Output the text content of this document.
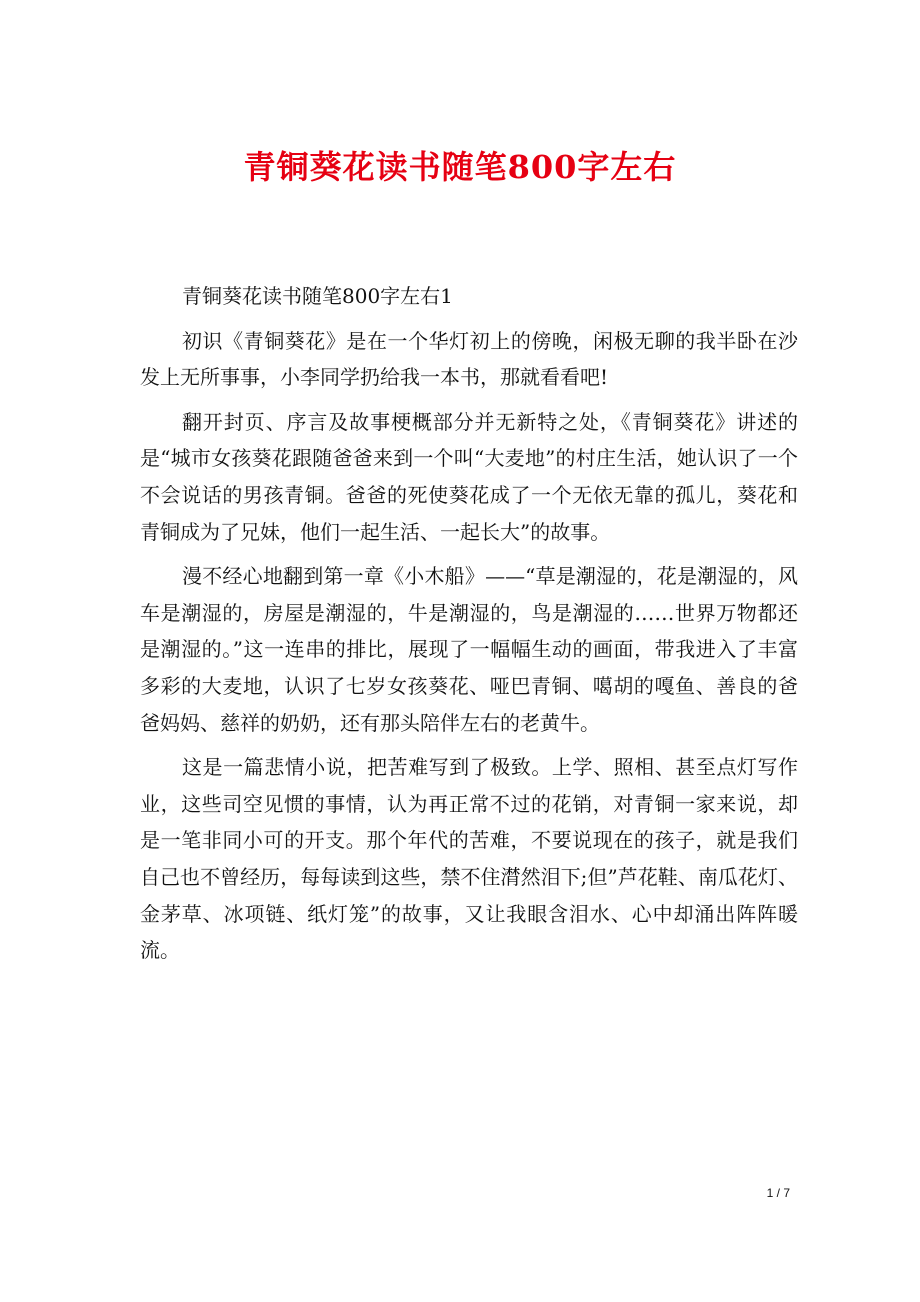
青铜葵花读书随笔800字左右

青铜葵花读书随笔800字左右1

初识《青铜葵花》是在一个华灯初上的傍晚，闲极无聊的我半卧在沙发上无所事事，小李同学扔给我一本书，那就看看吧!

翻开封页、序言及故事梗概部分并无新特之处，《青铜葵花》讲述的是“城市女孩葵花跟随爸爸来到一个叫“大麦地”的村庄生活，她认识了一个不会说话的男孩青铜。爸爸的死使葵花成了一个无依无靠的孤儿，葵花和青铜成为了兄妹，他们一起生活、一起长大”的故事。

漫不经心地翻到第一章《小木船》——“草是潮湿的，花是潮湿的，风车是潮湿的，房屋是潮湿的，牛是潮湿的，鸟是潮湿的……世界万物都还是潮湿的。”这一连串的排比，展现了一幅幅生动的画面，带我进入了丰富多彩的大麦地，认识了七岁女孩葵花、哑巴青铜、噶胡的嘎鱼、善良的爸爸妈妈、慈祥的奶奶，还有那头陪伴左右的老黄牛。

这是一篇悲情小说，把苦难写到了极致。上学、照相、甚至点灯写作业，这些司空见惯的事情，认为再正常不过的花销，对青铜一家来说，却是一笔非同小可的开支。那个年代的苦难，不要说现在的孩子，就是我们自己也不曾经历，每每读到这些，禁不住潸然泪下;但”芦花鞋、南瓜花灯、金茅草、冰项链、纸灯笼”的故事，又让我眼含泪水、心中却涌出阵阵暖流。

1 / 7
